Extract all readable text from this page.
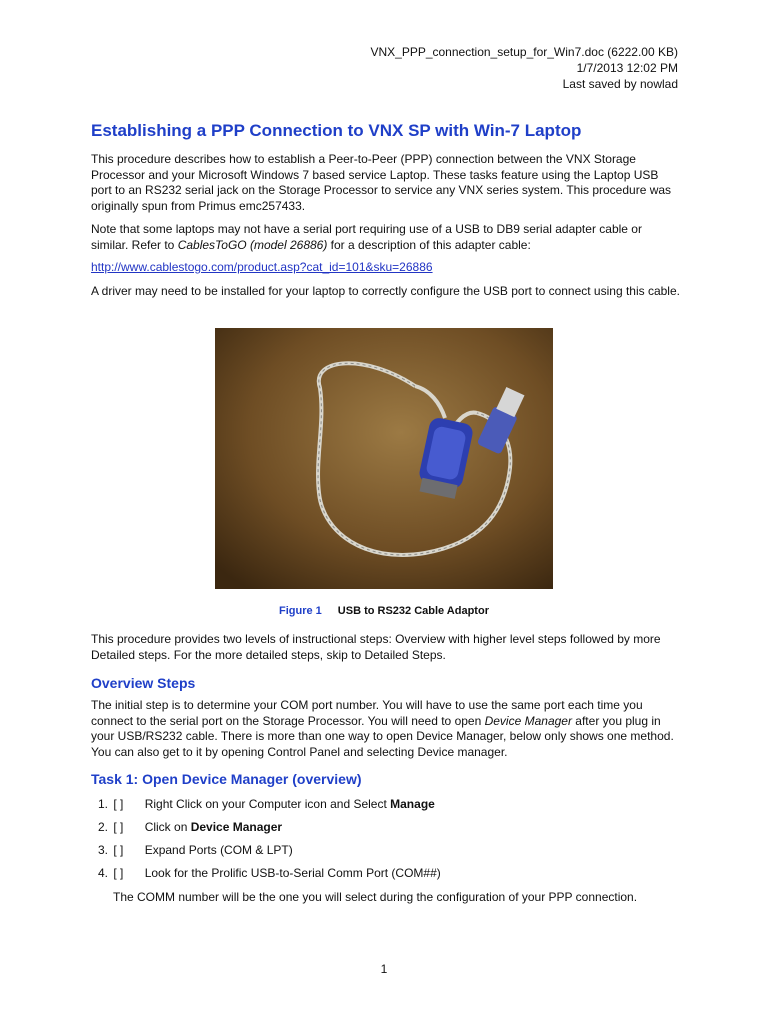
VNX_PPP_connection_setup_for_Win7.doc (6222.00 KB)
1/7/2013 12:02 PM
Last saved by nowlad
Establishing a PPP Connection to VNX SP with Win-7 Laptop

This procedure describes how to establish a Peer-to-Peer (PPP) connection between the VNX Storage Processor and your Microsoft Windows 7 based service Laptop. These tasks feature using the Laptop USB port to an RS232 serial jack on the Storage Processor to service any VNX series system. This procedure was originally spun from Primus emc257433.

Note that some laptops may not have a serial port requiring use of a USB to DB9 serial adapter cable or similar. Refer to CablesToGO (model 26886) for a description of this adapter cable:

http://www.cablestogo.com/product.asp?cat_id=101&sku=26886

A driver may need to be installed for your laptop to correctly configure the USB port to connect using this cable.

Figure 1 USB to RS232 Cable Adaptor

This procedure provides two levels of instructional steps: Overview with higher level steps followed by more Detailed steps. For the more detailed steps, skip to Detailed Steps.

Overview Steps

The initial step is to determine your COM port number. You will have to use the same port each time you connect to the serial port on the Storage Processor. You will need to open Device Manager after you plug in your USB/RS232 cable. There is more than one way to open Device Manager, below only shows one method. You can also get to it by opening Control Panel and selecting Device manager.

Task 1: Open Device Manager (overview)
1. [ ] Right Click on your Computer icon and Select Manage
2. [ ] Click on Device Manager
3. [ ] Expand Ports (COM & LPT)
4. [ ] Look for the Prolific USB-to-Serial Comm Port (COM##)
The COMM number will be the one you will select during the configuration of your PPP connection.
1
